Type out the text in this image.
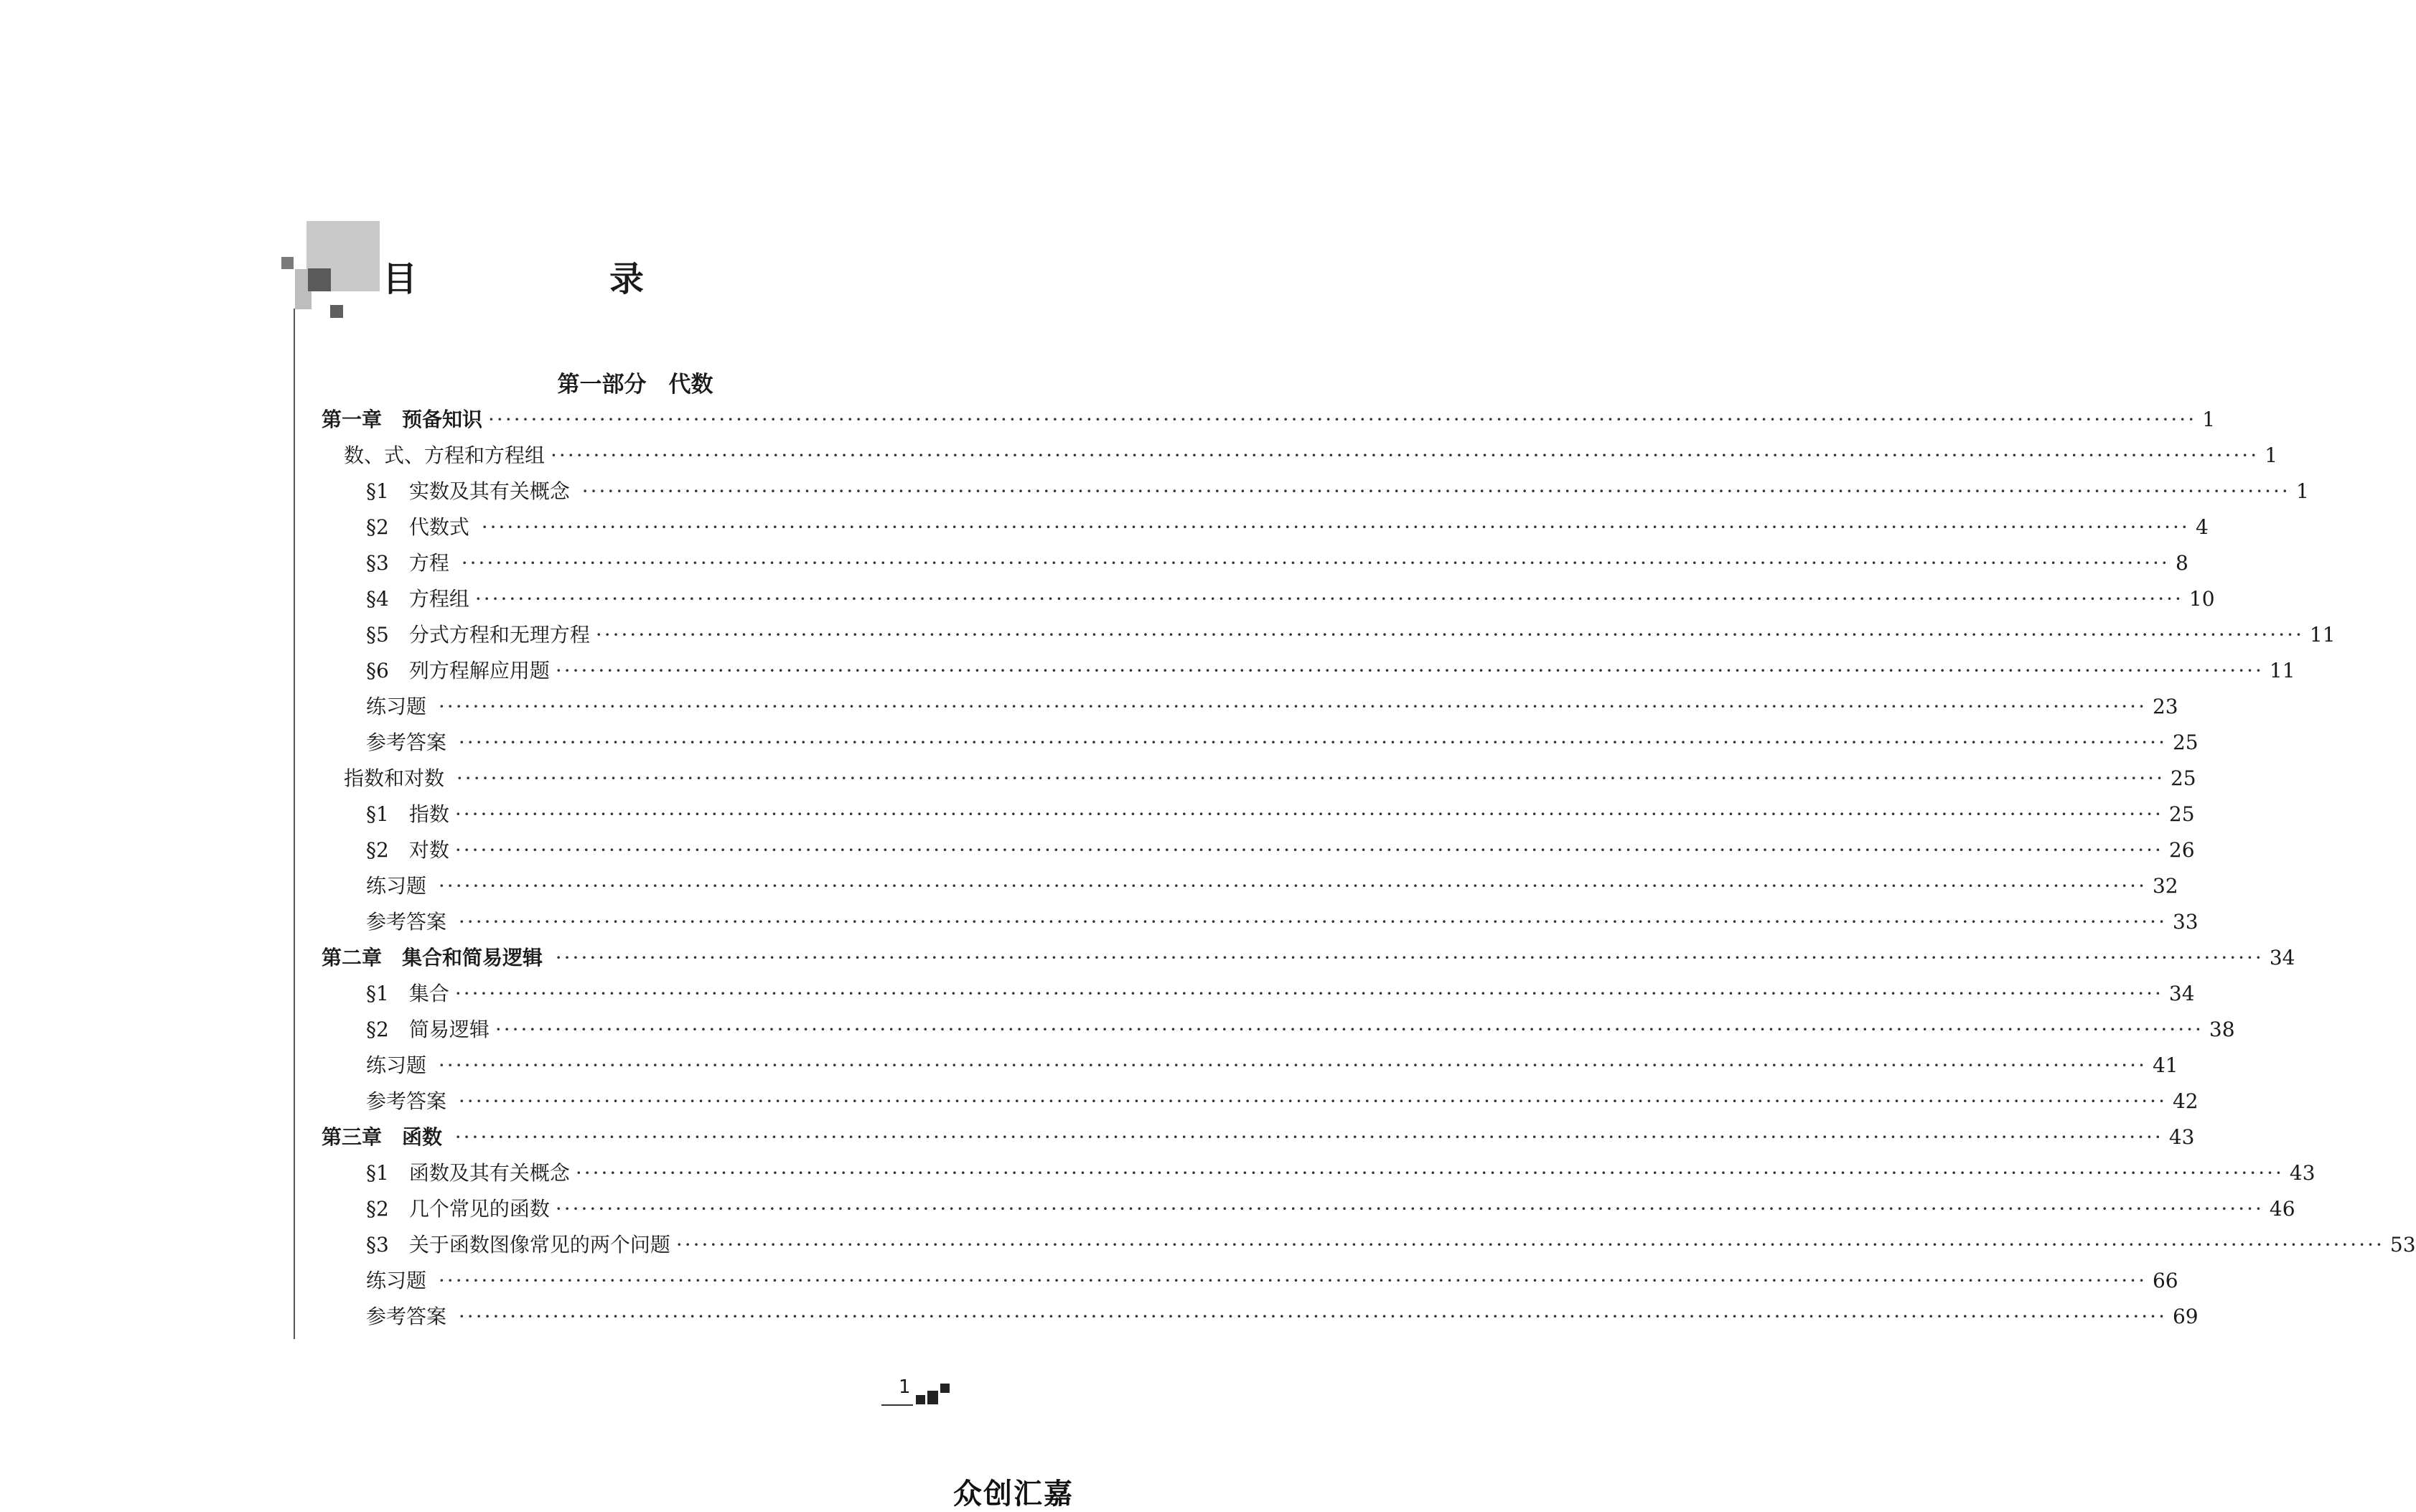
目　录
第一部分　代数
第一章　预备知识 ········································································································································································································ 1
数、式、方程和方程组 ········································································································································································································ 1
§1　实数及其有关概念 ········································································································································································································ 1
§2　代数式 ········································································································································································································ 4
§3　方程 ········································································································································································································ 8
§4　方程组 ········································································································································································································ 10
§5　分式方程和无理方程 ········································································································································································································ 11
§6　列方程解应用题 ········································································································································································································ 11
练习题 ········································································································································································································ 23
参考答案 ········································································································································································································ 25
指数和对数 ········································································································································································································ 25
§1　指数 ········································································································································································································ 25
§2　对数 ········································································································································································································ 26
练习题 ········································································································································································································ 32
参考答案 ········································································································································································································ 33
第二章　集合和简易逻辑 ········································································································································································································ 34
§1　集合 ········································································································································································································ 34
§2　简易逻辑 ········································································································································································································ 38
练习题 ········································································································································································································ 41
参考答案 ········································································································································································································ 42
第三章　函数 ········································································································································································································ 43
§1　函数及其有关概念 ········································································································································································································ 43
§2　几个常见的函数 ········································································································································································································ 46
§3　关于函数图像常见的两个问题 ········································································································································································································ 53
练习题 ········································································································································································································ 66
参考答案 ········································································································································································································ 69
1
众创汇嘉
